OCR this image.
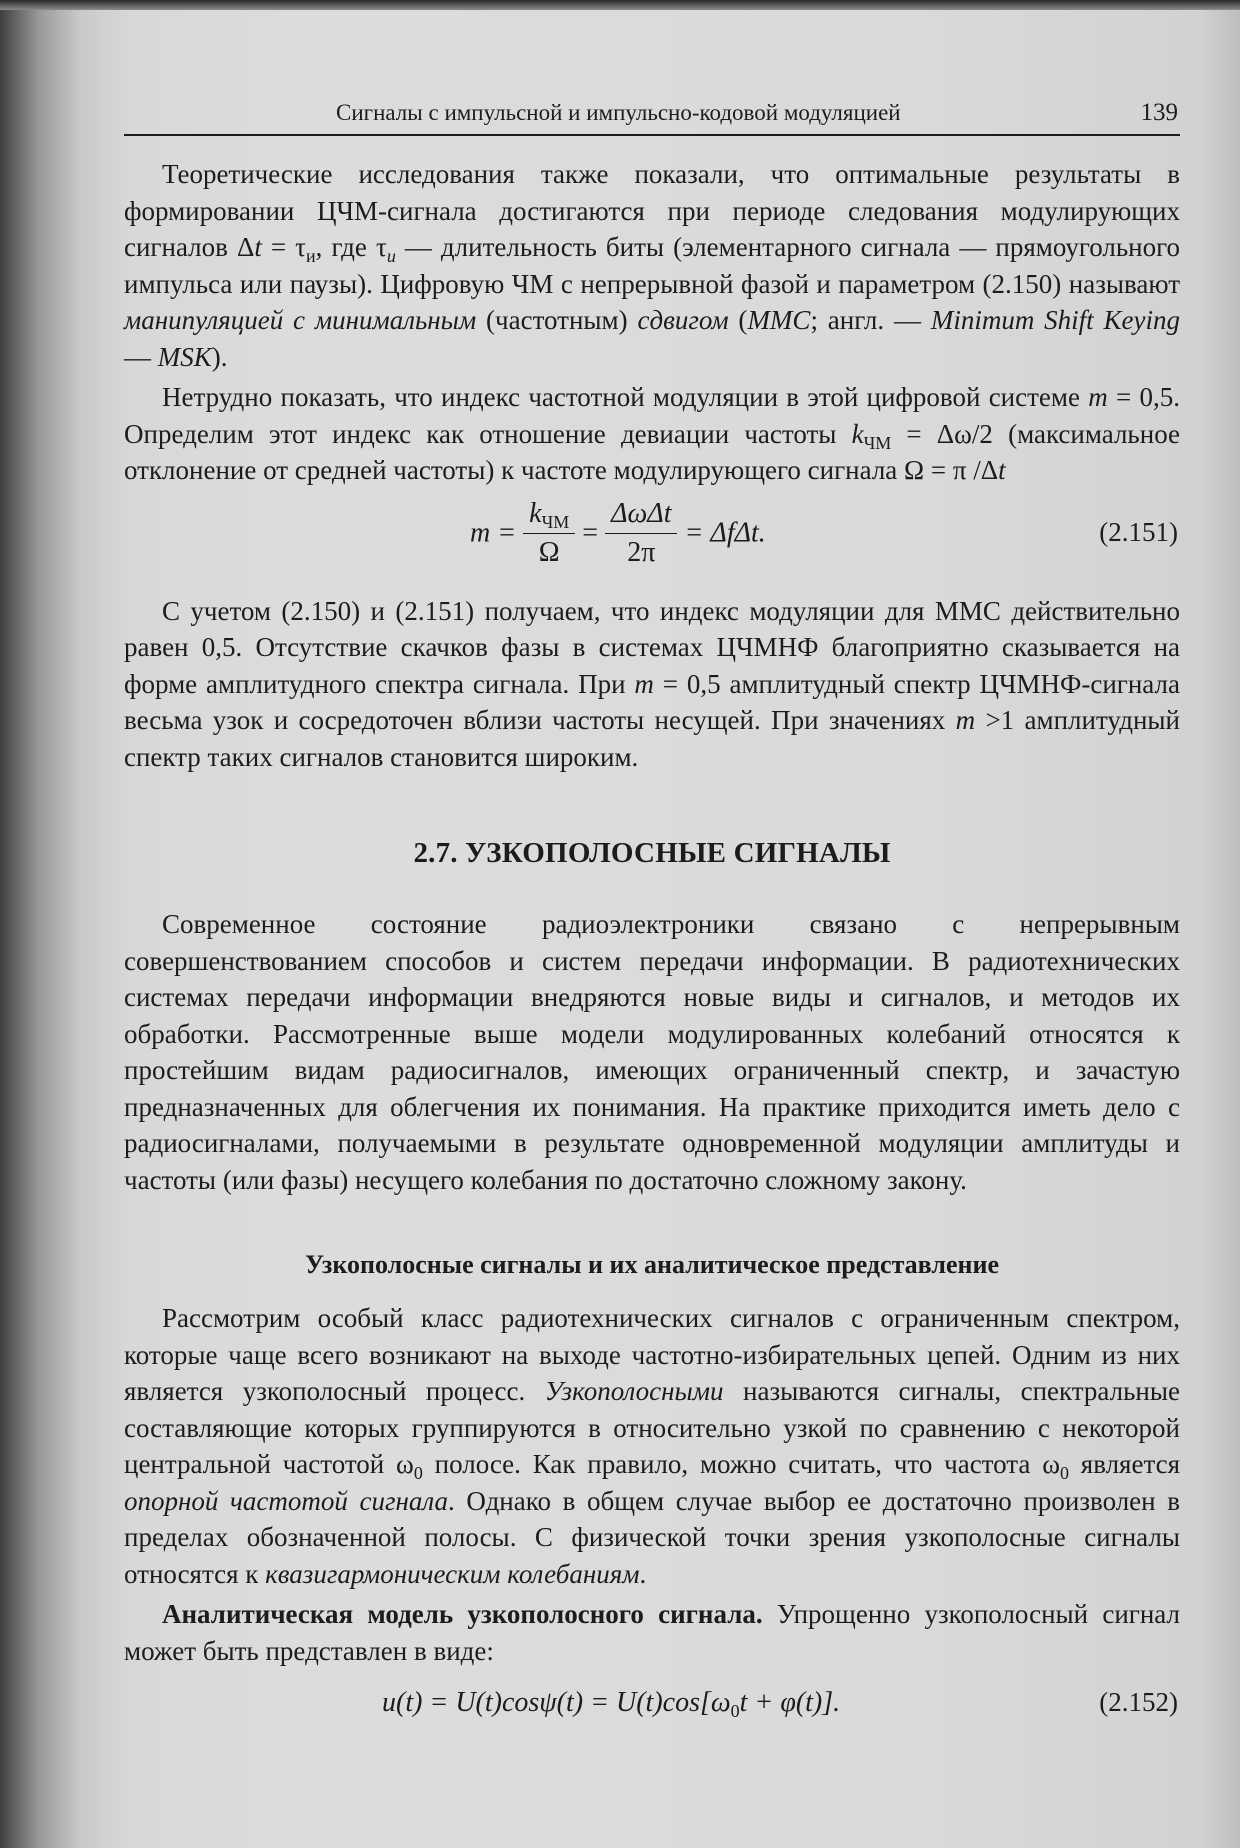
Сигналы с импульсной и импульсно-кодовой модуляцией	139

Теоретические исследования также показали, что оптимальные результаты в формировании ЦЧМ-сигнала достигаются при периоде следования модулирующих сигналов $\Delta t = \tau_и$, где $\tau_и$ — длительность биты (элементарного сигнала — прямоугольного импульса или паузы). Цифровую ЧМ с непрерывной фазой и параметром (2.150) называют манипуляцией с минимальным (частотным) сдвигом (ММС; англ. — Minimum Shift Keying — MSK).

Нетрудно показать, что индекс частотной модуляции в этой цифровой системе m = 0,5. Определим этот индекс как отношение девиации частоты $k_{ЧМ} = \Delta\omega/2$ (максимальное отклонение от средней частоты) к частоте модулирующего сигнала Ω = π /Δt

$m = \frac{k_{ЧМ}}{\Omega} = \frac{\text{ΔωΔt}}{2\pi} = \Delta f\Delta t$.	(2.151)

С учетом (2.150) и (2.151) получаем, что индекс модуляции для ММС действительно равен 0,5. Отсутствие скачков фазы в системах ЦЧМНФ благоприятно сказывается на форме амплитудного спектра сигнала. При m = 0,5 амплитудный спектр ЦЧМНФ-сигнала весьма узок и сосредоточен вблизи частоты несущей. При значениях m >1 амплитудный спектр таких сигналов становится широким.

2.7. УЗКОПОЛОСНЫЕ СИГНАЛЫ

Современное состояние радиоэлектроники связано с непрерывным совершенствованием способов и систем передачи информации. В радиотехнических системах передачи информации внедряются новые виды и сигналов, и методов их обработки. Рассмотренные выше модели модулированных колебаний относятся к простейшим видам радиосигналов, имеющих ограниченный спектр, и зачастую предназначенных для облегчения их понимания. На практике приходится иметь дело с радиосигналами, получаемыми в результате одновременной модуляции амплитуды и частоты (или фазы) несущего колебания по достаточно сложному закону.

Узкополосные сигналы и их аналитическое представление

Рассмотрим особый класс радиотехнических сигналов с ограниченным спектром, которые чаще всего возникают на выходе частотно-избирательных цепей. Одним из них является узкополосный процесс. Узкополосными называются сигналы, спектральные составляющие которых группируются в относительно узкой по сравнению с некоторой центральной частотой $\omega_0$ полосе. Как правило, можно считать, что частота $\omega_0$ является опорной частотой сигнала. Однако в общем случае выбор ее достаточно произволен в пределах обозначенной полосы. С физической точки зрения узкополосные сигналы относятся к квазигармоническим колебаниям.

Аналитическая модель узкополосного сигнала. Упрощенно узкополосный сигнал может быть представлен в виде:

$u(t) = U(t)\cos\psi(t) = U(t)\cos[\omega_0t + \varphi(t)]$.	(2.152)
